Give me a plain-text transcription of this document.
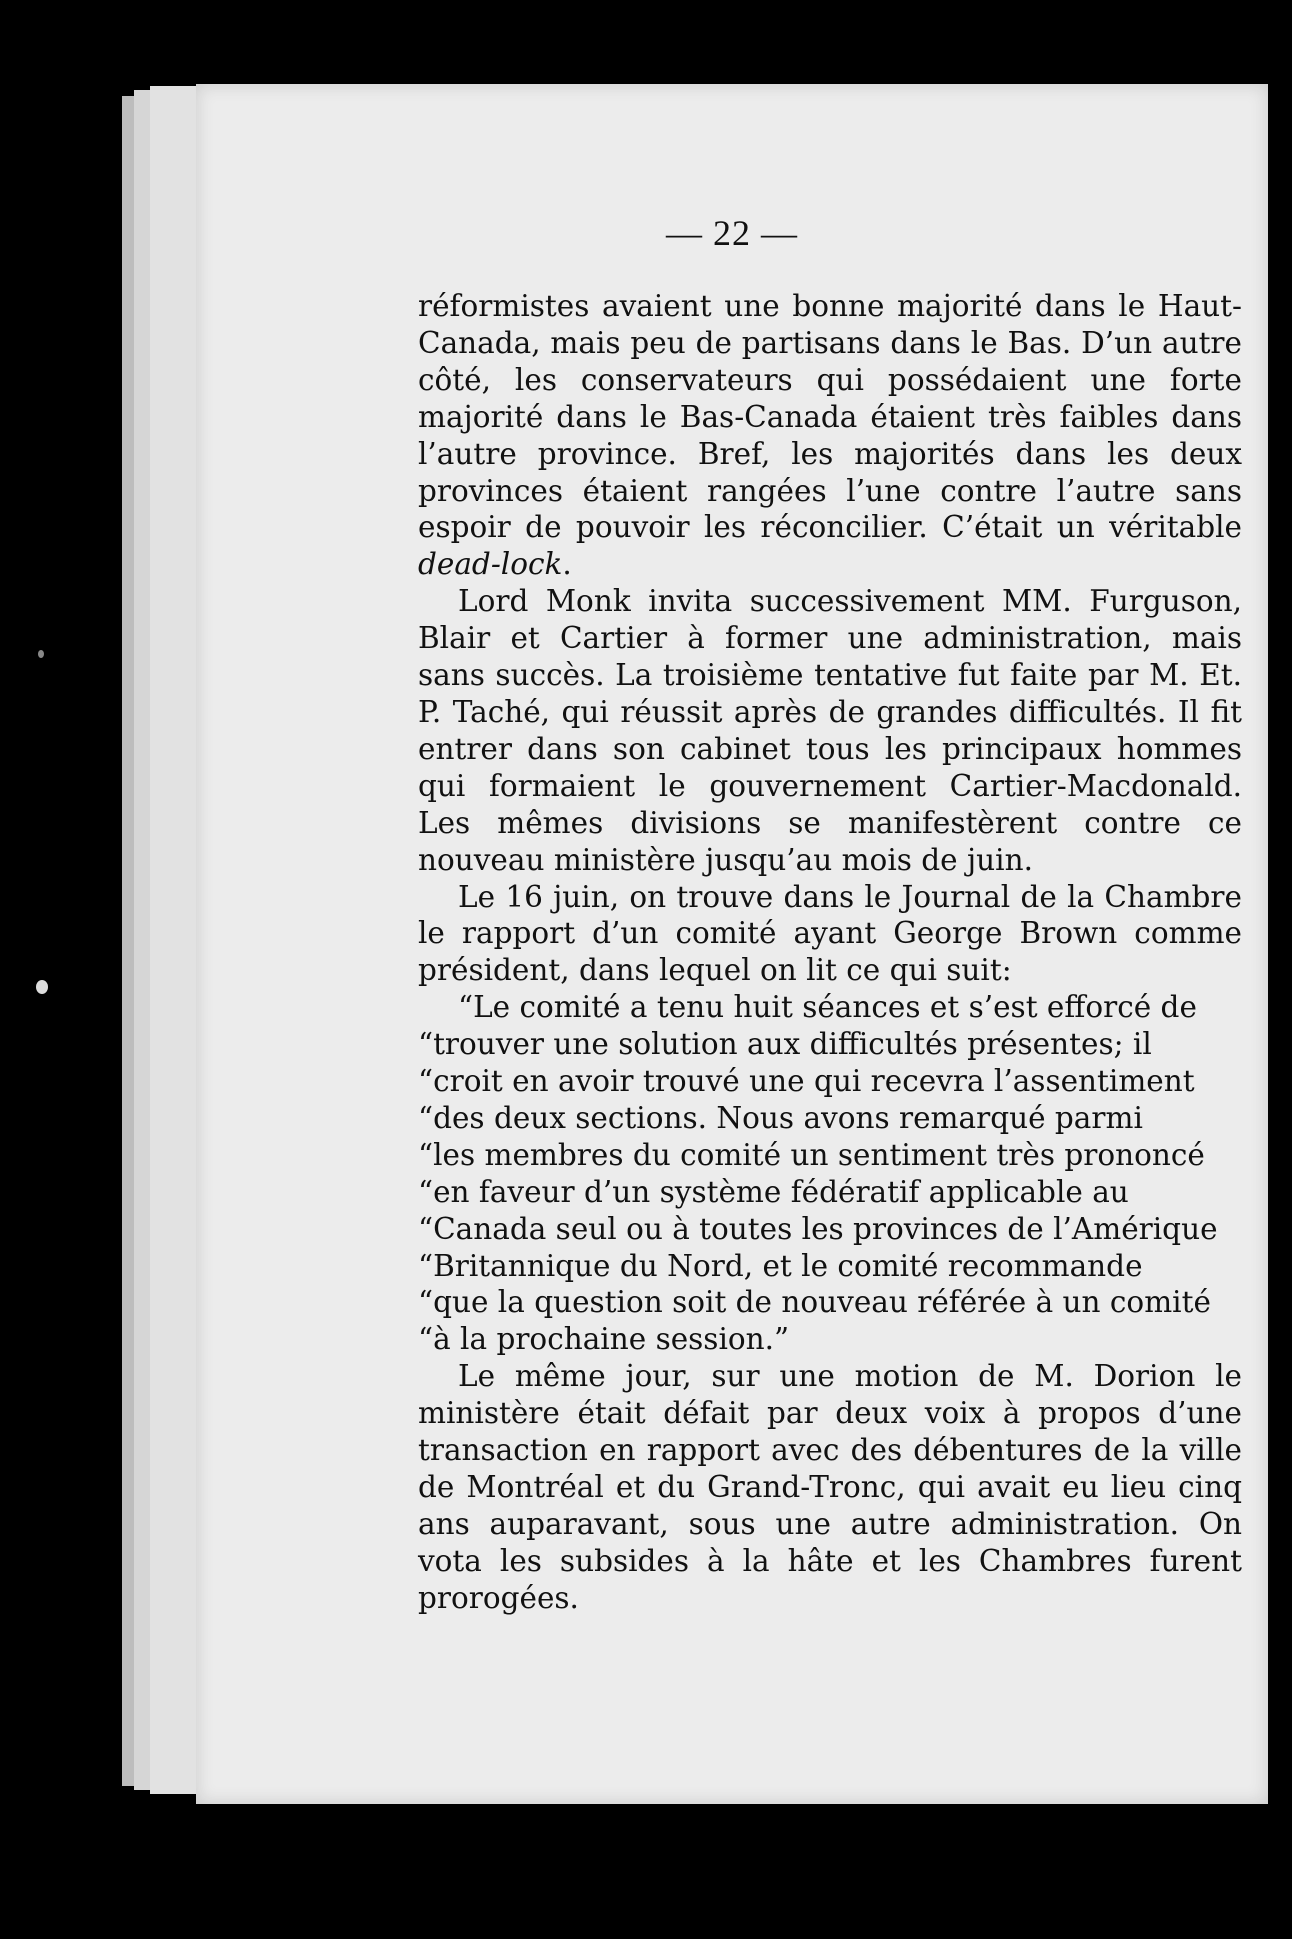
— 22 —

réformistes avaient une bonne majorité dans le Haut-Canada, mais peu de partisans dans le Bas. D’un autre côté, les conservateurs qui possédaient une forte majorité dans le Bas-Canada étaient très faibles dans l’autre province. Bref, les majorités dans les deux provinces étaient rangées l’une contre l’autre sans espoir de pouvoir les réconcilier. C’était un véritable dead-lock.

Lord Monk invita successivement MM. Furguson, Blair et Cartier à former une administration, mais sans succès. La troisième tentative fut faite par M. Et. P. Taché, qui réussit après de grandes difficultés. Il fit entrer dans son cabinet tous les principaux hommes qui formaient le gouvernement Cartier-Macdonald. Les mêmes divisions se manifestèrent contre ce nouveau ministère jusqu’au mois de juin.

Le 16 juin, on trouve dans le Journal de la Chambre le rapport d’un comité ayant George Brown comme président, dans lequel on lit ce qui suit:

“Le comité a tenu huit séances et s’est efforcé de
“trouver une solution aux difficultés présentes; il
“croit en avoir trouvé une qui recevra l’assentiment
“des deux sections. Nous avons remarqué parmi
“les membres du comité un sentiment très prononcé
“en faveur d’un système fédératif applicable au
“Canada seul ou à toutes les provinces de l’Amérique
“Britannique du Nord, et le comité recommande
“que la question soit de nouveau référée à un comité
“à la prochaine session.”

Le même jour, sur une motion de M. Dorion le ministère était défait par deux voix à propos d’une transaction en rapport avec des débentures de la ville de Montréal et du Grand-Tronc, qui avait eu lieu cinq ans auparavant, sous une autre administration. On vota les subsides à la hâte et les Chambres furent prorogées.
